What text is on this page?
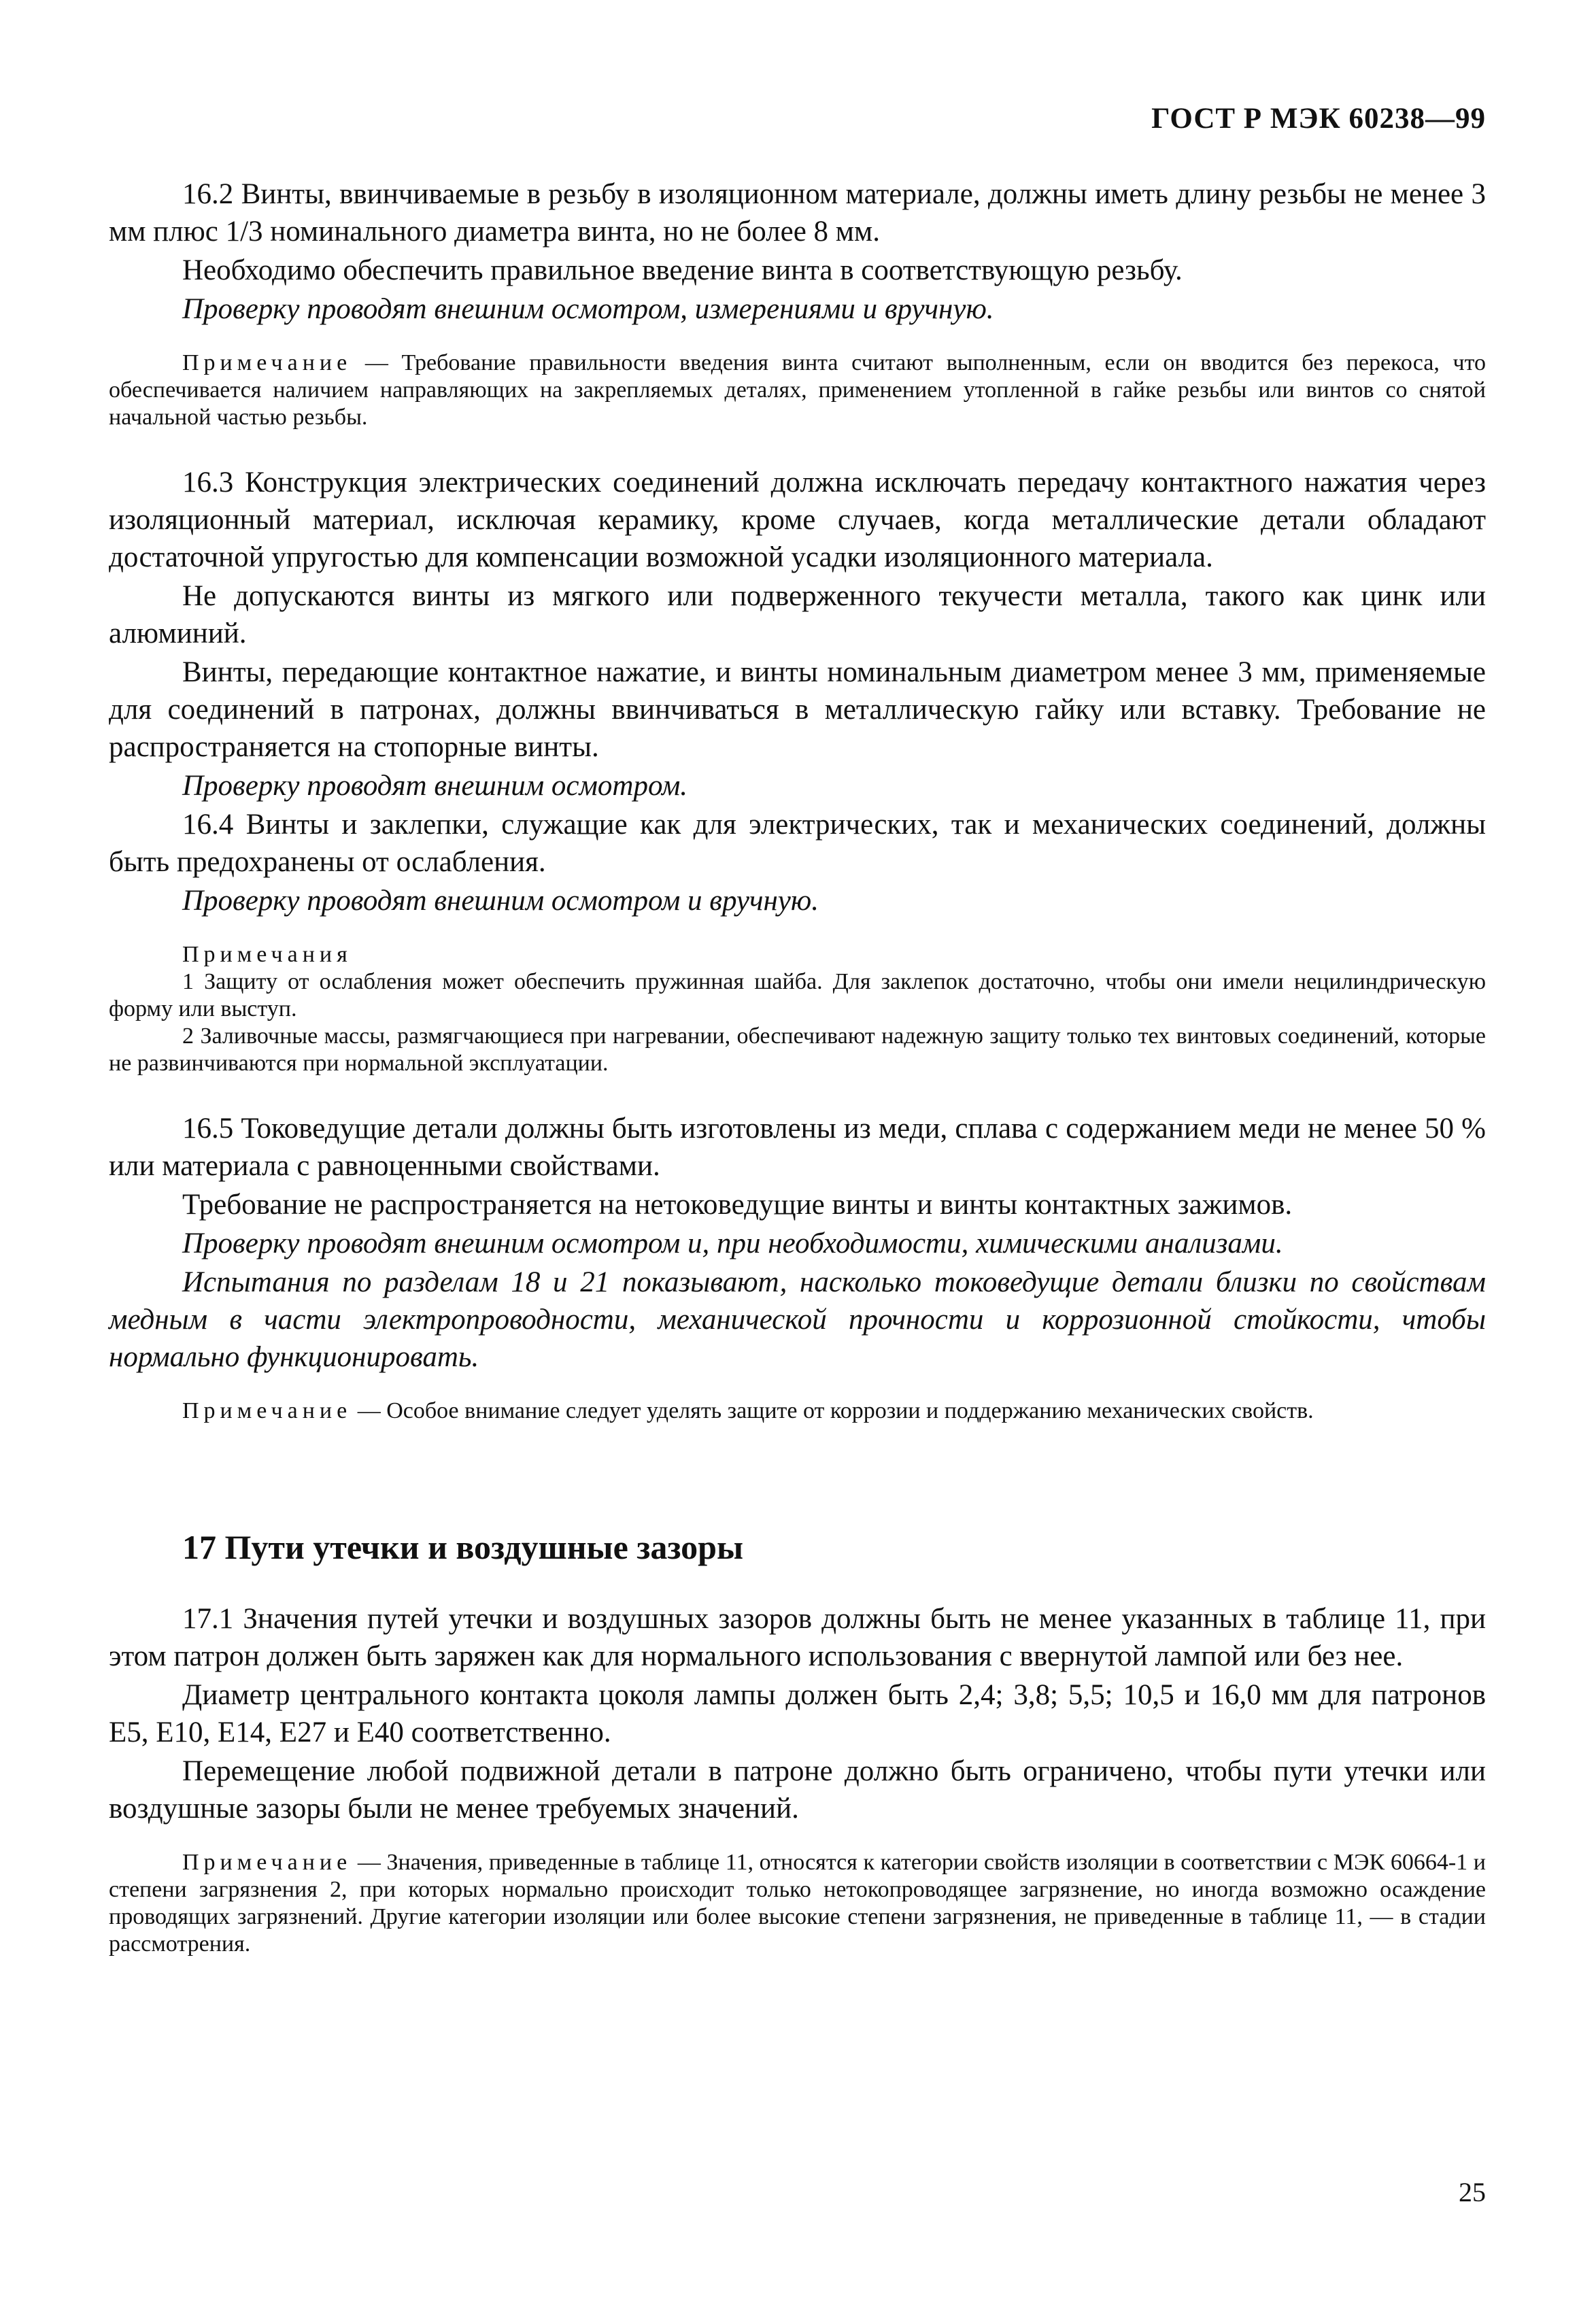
ГОСТ Р МЭК 60238—99

16.2 Винты, ввинчиваемые в резьбу в изоляционном материале, должны иметь длину резьбы не менее 3 мм плюс 1/3 номинального диаметра винта, но не более 8 мм.

Необходимо обеспечить правильное введение винта в соответствующую резьбу.

Проверку проводят внешним осмотром, измерениями и вручную.

Примечание — Требование правильности введения винта считают выполненным, если он вводится без перекоса, что обеспечивается наличием направляющих на закрепляемых деталях, применением утопленной в гайке резьбы или винтов со снятой начальной частью резьбы.

16.3 Конструкция электрических соединений должна исключать передачу контактного нажатия через изоляционный материал, исключая керамику, кроме случаев, когда металлические детали обладают достаточной упругостью для компенсации возможной усадки изоляционного материала.

Не допускаются винты из мягкого или подверженного текучести металла, такого как цинк или алюминий.

Винты, передающие контактное нажатие, и винты номинальным диаметром менее 3 мм, применяемые для соединений в патронах, должны ввинчиваться в металлическую гайку или вставку. Требование не распространяется на стопорные винты.

Проверку проводят внешним осмотром.

16.4 Винты и заклепки, служащие как для электрических, так и механических соединений, должны быть предохранены от ослабления.

Проверку проводят внешним осмотром и вручную.

Примечания

1 Защиту от ослабления может обеспечить пружинная шайба. Для заклепок достаточно, чтобы они имели нецилиндрическую форму или выступ.

2 Заливочные массы, размягчающиеся при нагревании, обеспечивают надежную защиту только тех винтовых соединений, которые не развинчиваются при нормальной эксплуатации.

16.5 Токоведущие детали должны быть изготовлены из меди, сплава с содержанием меди не менее 50 % или материала с равноценными свойствами.

Требование не распространяется на нетоковедущие винты и винты контактных зажимов.

Проверку проводят внешним осмотром и, при необходимости, химическими анализами.

Испытания по разделам 18 и 21 показывают, насколько токоведущие детали близки по свойствам медным в части электропроводности, механической прочности и коррозионной стойкости, чтобы нормально функционировать.

Примечание — Особое внимание следует уделять защите от коррозии и поддержанию механических свойств.

17 Пути утечки и воздушные зазоры

17.1 Значения путей утечки и воздушных зазоров должны быть не менее указанных в таблице 11, при этом патрон должен быть заряжен как для нормального использования с ввернутой лампой или без нее.

Диаметр центрального контакта цоколя лампы должен быть 2,4; 3,8; 5,5; 10,5 и 16,0 мм для патронов Е5, Е10, Е14, Е27 и Е40 соответственно.

Перемещение любой подвижной детали в патроне должно быть ограничено, чтобы пути утечки или воздушные зазоры были не менее требуемых значений.

Примечание — Значения, приведенные в таблице 11, относятся к категории свойств изоляции в соответствии с МЭК 60664-1 и степени загрязнения 2, при которых нормально происходит только нетокопроводящее загрязнение, но иногда возможно осаждение проводящих загрязнений. Другие категории изоляции или более высокие степени загрязнения, не приведенные в таблице 11, — в стадии рассмотрения.

25
